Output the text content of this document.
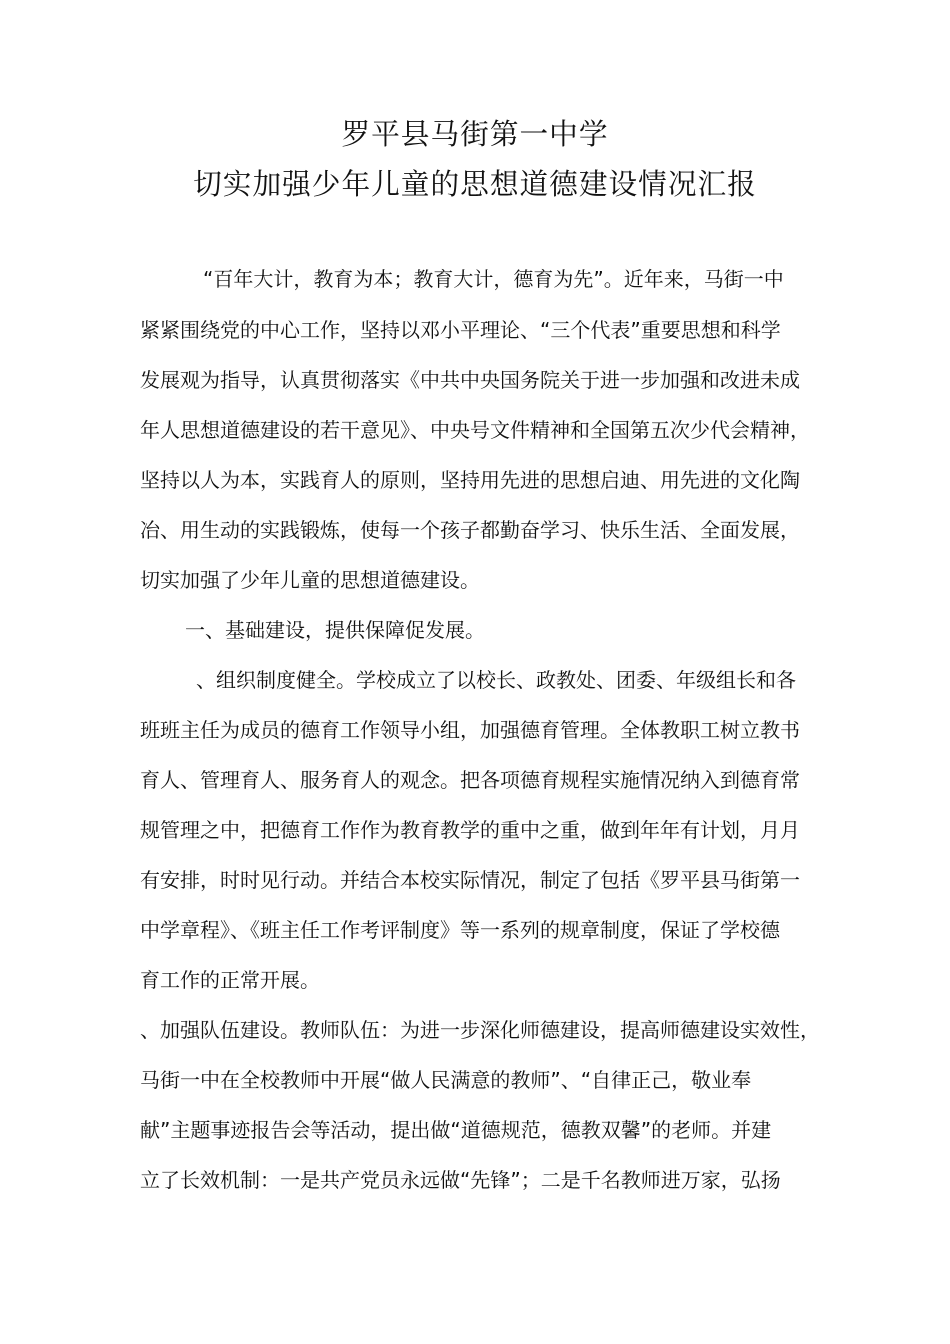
罗平县马街第一中学
切实加强少年儿童的思想道德建设情况汇报
“百年大计，教育为本；教育大计，德育为先”。近年来，马街一中
紧紧围绕党的中心工作，坚持以邓小平理论、“三个代表”重要思想和科学
发展观为指导，认真贯彻落实《中共中央国务院关于进一步加强和改进未成
年人思想道德建设的若干意见》、中央号文件精神和全国第五次少代会精神，
坚持以人为本，实践育人的原则，坚持用先进的思想启迪、用先进的文化陶
冶、用生动的实践锻炼，使每一个孩子都勤奋学习、快乐生活、全面发展，
切实加强了少年儿童的思想道德建设。
一、基础建设，提供保障促发展。
、组织制度健全。学校成立了以校长、政教处、团委、年级组长和各
班班主任为成员的德育工作领导小组，加强德育管理。全体教职工树立教书
育人、管理育人、服务育人的观念。把各项德育规程实施情况纳入到德育常
规管理之中，把德育工作作为教育教学的重中之重，做到年年有计划，月月
有安排，时时见行动。并结合本校实际情况，制定了包括《罗平县马街第一
中学章程》、《班主任工作考评制度》等一系列的规章制度，保证了学校德
育工作的正常开展。
、加强队伍建设。教师队伍：为进一步深化师德建设，提高师德建设实效性，
马街一中在全校教师中开展“做人民满意的教师”、“自律正己，敬业奉
献”主题事迹报告会等活动，提出做“道德规范，德教双馨”的老师。并建
立了长效机制：一是共产党员永远做“先锋”；二是千名教师进万家，弘扬
